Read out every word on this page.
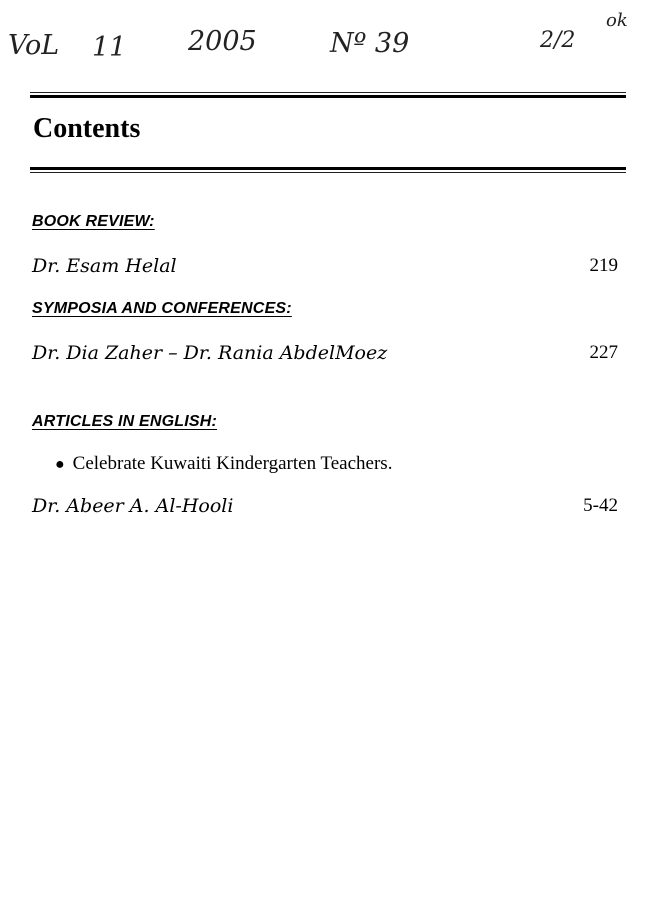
VoL 11 2005	Nº 39	2/2
ok
Contents
BOOK REVIEW:
Dr. Esam Helal	219
SYMPOSIA AND CONFERENCES:
Dr. Dia Zaher – Dr. Rania AbdelMoez	227
ARTICLES IN ENGLISH:
● Celebrate Kuwaiti Kindergarten Teachers.
Dr. Abeer A. Al-Hooli	5-42
